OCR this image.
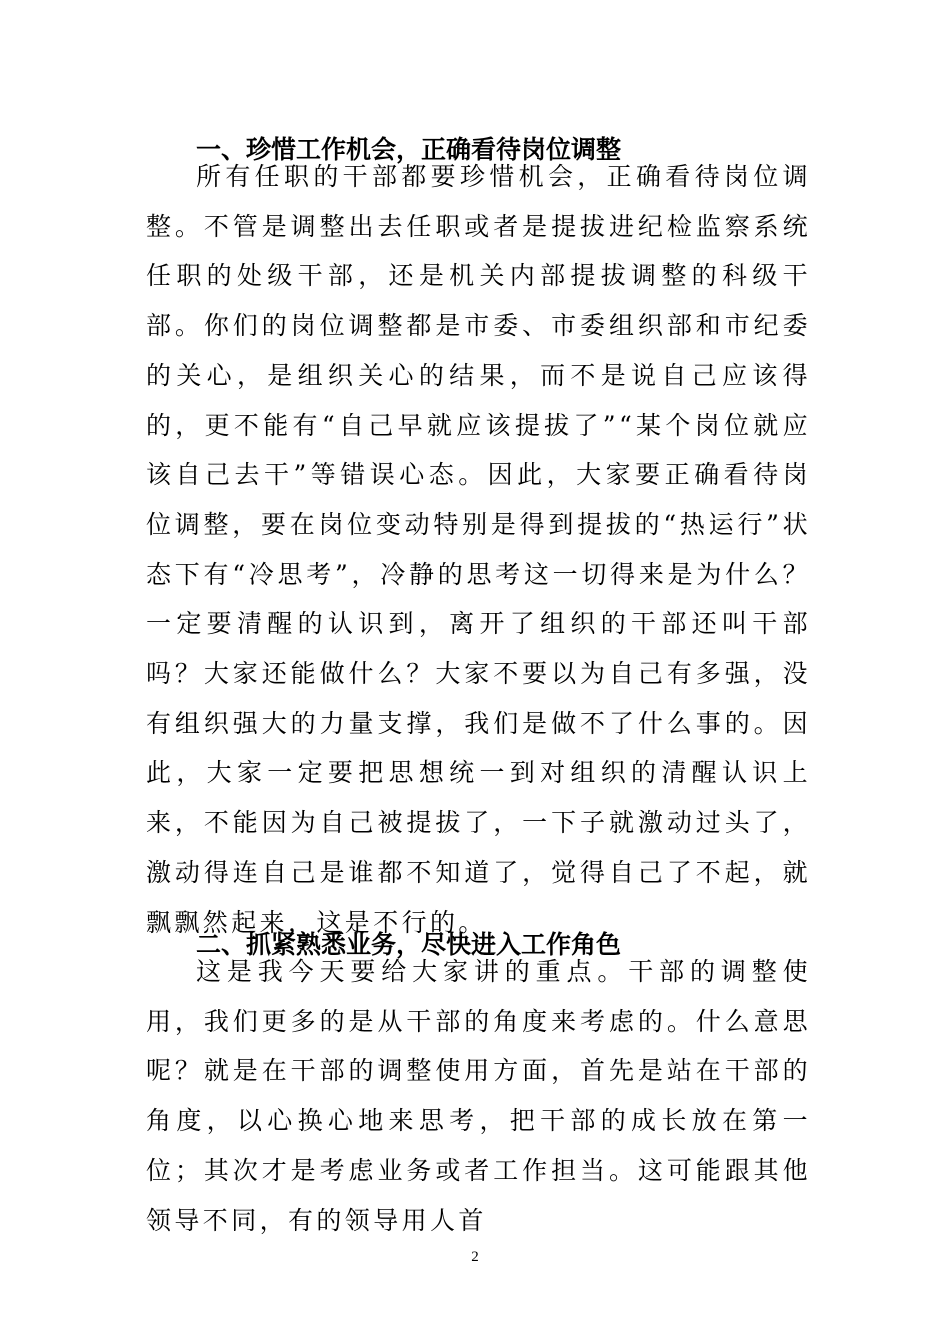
一、珍惜工作机会，正确看待岗位调整

所有任职的干部都要珍惜机会，正确看待岗位调整。不管是调整出去任职或者是提拔进纪检监察系统任职的处级干部，还是机关内部提拔调整的科级干部。你们的岗位调整都是市委、市委组织部和市纪委的关心，是组织关心的结果，而不是说自己应该得的，更不能有“自己早就应该提拔了”“某个岗位就应该自己去干”等错误心态。因此，大家要正确看待岗位调整，要在岗位变动特别是得到提拔的“热运行”状态下有“冷思考”，冷静的思考这一切得来是为什么？一定要清醒的认识到，离开了组织的干部还叫干部吗？大家还能做什么？大家不要以为自己有多强，没有组织强大的力量支撑，我们是做不了什么事的。因此，大家一定要把思想统一到对组织的清醒认识上来，不能因为自己被提拔了，一下子就激动过头了，激动得连自己是谁都不知道了，觉得自己了不起，就飘飘然起来，这是不行的。

二、抓紧熟悉业务，尽快进入工作角色

这是我今天要给大家讲的重点。干部的调整使用，我们更多的是从干部的角度来考虑的。什么意思呢？就是在干部的调整使用方面，首先是站在干部的角度，以心换心地来思考，把干部的成长放在第一位；其次才是考虑业务或者工作担当。这可能跟其他领导不同，有的领导用人首

2
